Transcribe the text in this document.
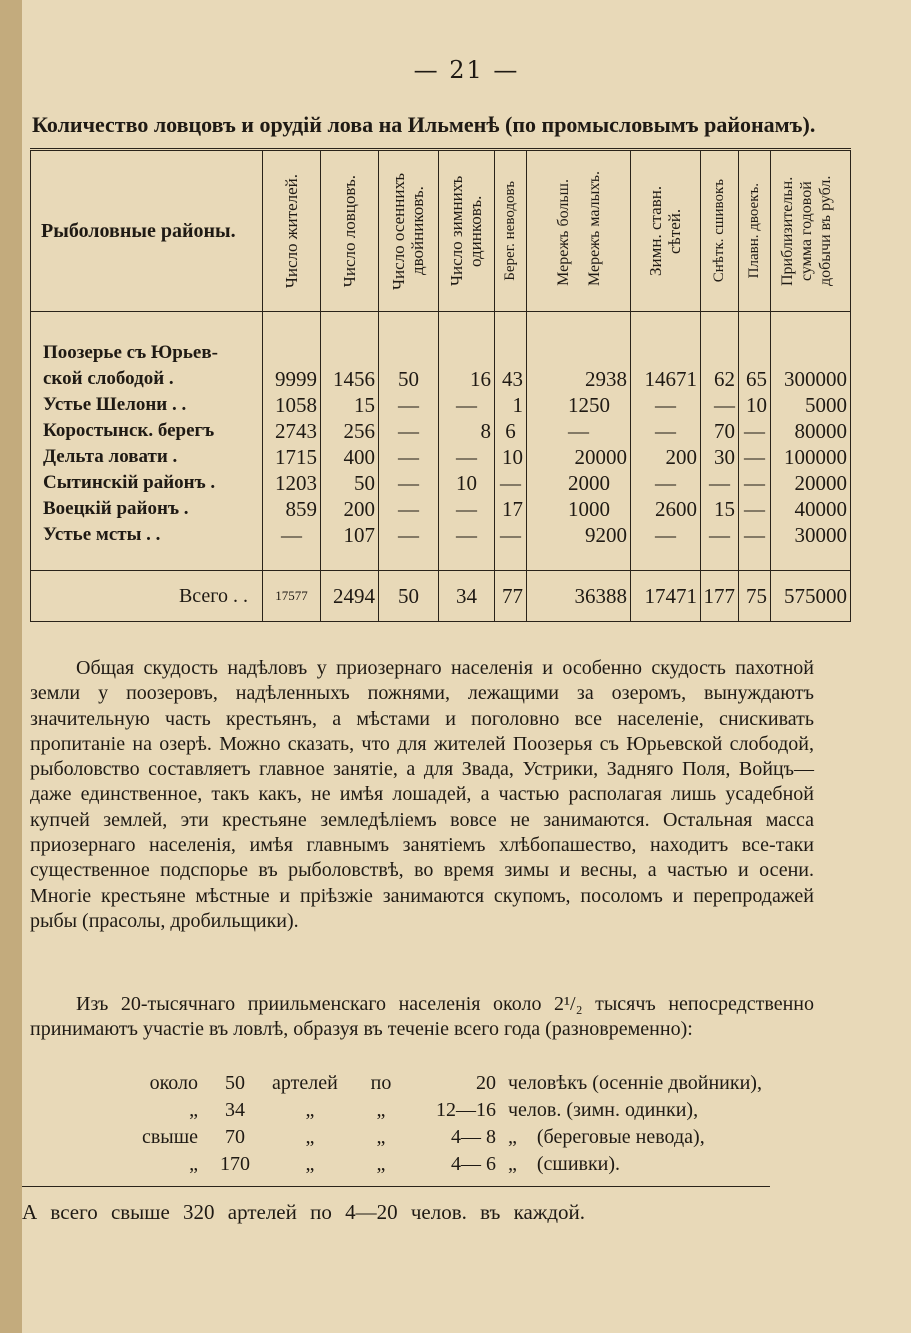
— 21 —
Количество ловцовъ и орудій лова на Ильменѣ (по промысловымъ районамъ).
Рыболовные районы.	Число жителей.	Число ловцовъ.	Число осеннихъ двойниковъ.	Число зимнихъ одинковъ.	Берег. неводовъ	Мережъ больш. Мережъ малыхъ.	Зимн. ставн. сѣтей.	Снѣтк. сшивокъ	Плавн. двоекъ.	Приблизительн. сумма годовой добычи въ рубл.

Поозерье съ Юрьев-										
ской слободой .	9999	1456	50	16	43	2938	14671	62	65	300000
Устье Шелони . .	1058	15	—	—	1	1250	—	—	10	5000
Коростынск. берегъ	2743	256	—	8	6	—	—	70	—	80000
Дельта ловати .	1715	400	—	—	10	20000	200	30	—	100000
Сытинскій районъ .	1203	50	—	10	—	2000	—	—	—	20000
Воецкій районъ .	859	200	—	—	17	1000	2600	15	—	40000
Устье мсты . .	—	107	—	—	—	9200	—	—	—	30000

Всего . .	17577	2494	50	34	77	36388	17471	177	75	575000

Общая скудость надѣловъ у приозернаго населенія и особенно скудость пахотной земли у поозеровъ, надѣленныхъ пожнями, лежащими за озеромъ, вынуждаютъ значительную часть крестьянъ, а мѣстами и поголовно все населеніе, снискивать пропитаніе на озерѣ. Можно сказать, что для жителей Поозерья съ Юрьевской слободой, рыболовство составляетъ главное занятіе, а для Звада, Устрики, Задняго Поля, Войцъ—даже единственное, такъ какъ, не имѣя лошадей, а частью располагая лишь усадебной купчей землей, эти крестьяне земледѣліемъ вовсе не занимаются. Остальная масса приозернаго населенія, имѣя главнымъ занятіемъ хлѣбопашество, находитъ все-таки существенное подспорье въ рыболовствѣ, во время зимы и весны, а частью и осени. Многіе крестьяне мѣстные и пріѣзжіе занимаются скупомъ, посоломъ и перепродажей рыбы (прасолы, дробильщики).

Изъ 20-тысячнаго приильменскаго населенія около 2¹/₂ тысячъ непосредственно принимаютъ участіе въ ловлѣ, образуя въ теченіе всего года (разновременно):

около	50	артелей	по	20	человѣкъ (осенніе двойники),
„	34	„	„	12—16	челов. (зимн. одинки),
свыше	70	„	„	4— 8	„    (береговые невода),
„	170	„	„	4— 6	„    (сшивки).
А всего свыше 320 артелей по 4—20 челов. въ каждой.
